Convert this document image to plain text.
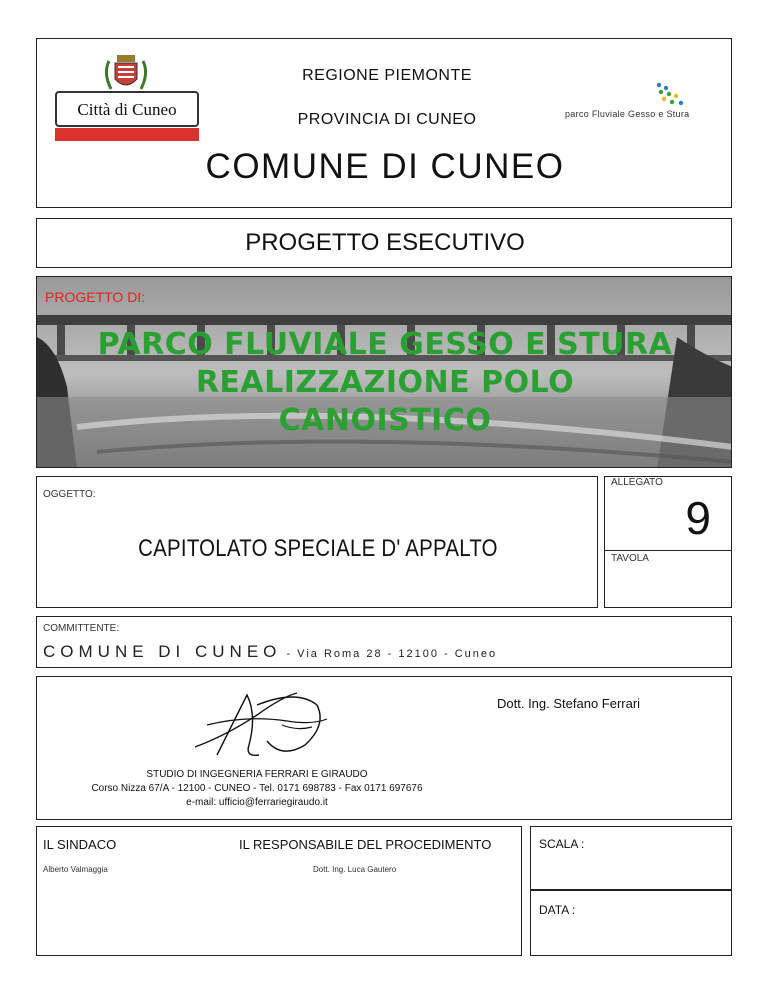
Città di Cuneo
REGIONE PIEMONTE
PROVINCIA DI CUNEO
COMUNE DI CUNEO
parco Fluviale Gesso e Stura
PROGETTO ESECUTIVO
PROGETTO DI:
PARCO FLUVIALE GESSO E STURA
REALIZZAZIONE POLO
CANOISTICO
OGGETTO:
CAPITOLATO SPECIALE D' APPALTO
ALLEGATO
9
TAVOLA
COMMITTENTE:
COMUNE DI CUNEO - Via Roma 28 - 12100 - Cuneo
Dott. Ing. Stefano Ferrari
STUDIO DI INGEGNERIA FERRARI E GIRAUDO
Corso Nizza 67/A - 12100 - CUNEO - Tel. 0171 698783 - Fax 0171 697676
e-mail: ufficio@ferrariegiraudo.it
IL SINDACO
Alberto Valmaggia
IL RESPONSABILE DEL PROCEDIMENTO
Dott. Ing. Luca Gautero
SCALA :
DATA :
